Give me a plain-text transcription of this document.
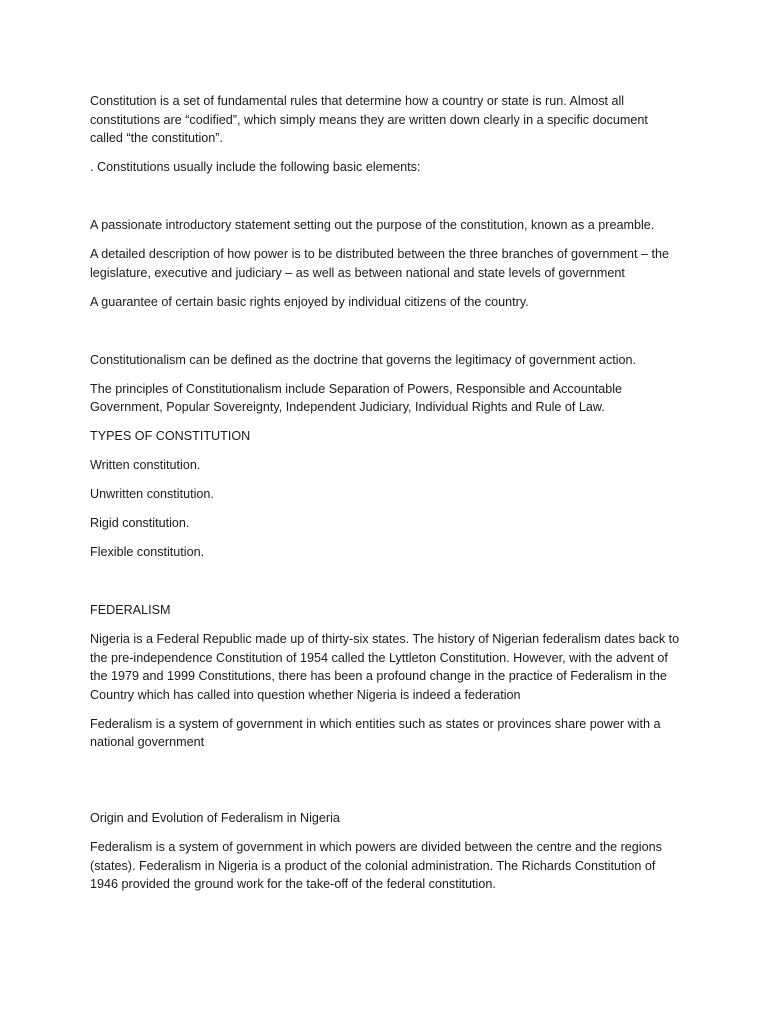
Constitution is a set of fundamental rules that determine how a country or state is run. Almost all constitutions are “codified”, which simply means they are written down clearly in a specific document called “the constitution”.

. Constitutions usually include the following basic elements:

A passionate introductory statement setting out the purpose of the constitution, known as a preamble.

A detailed description of how power is to be distributed between the three branches of government – the legislature, executive and judiciary – as well as between national and state levels of government

A guarantee of certain basic rights enjoyed by individual citizens of the country.

Constitutionalism can be defined as the doctrine that governs the legitimacy of government action.

The principles of Constitutionalism include Separation of Powers, Responsible and Accountable Government, Popular Sovereignty, Independent Judiciary, Individual Rights and Rule of Law.

TYPES OF CONSTITUTION

Written constitution.

Unwritten constitution.

Rigid constitution.

Flexible constitution.

FEDERALISM

Nigeria is a Federal Republic made up of thirty-six states. The history of Nigerian federalism dates back to the pre-independence Constitution of 1954 called the Lyttleton Constitution. However, with the advent of the 1979 and 1999 Constitutions, there has been a profound change in the practice of Federalism in the Country which has called into question whether Nigeria is indeed a federation

Federalism is a system of government in which entities such as states or provinces share power with a national government

Origin and Evolution of Federalism in Nigeria

Federalism is a system of government in which powers are divided between the centre and the regions (states). Federalism in Nigeria is a product of the colonial administration. The Richards Constitution of 1946 provided the ground work for the take-off of the federal constitution.
